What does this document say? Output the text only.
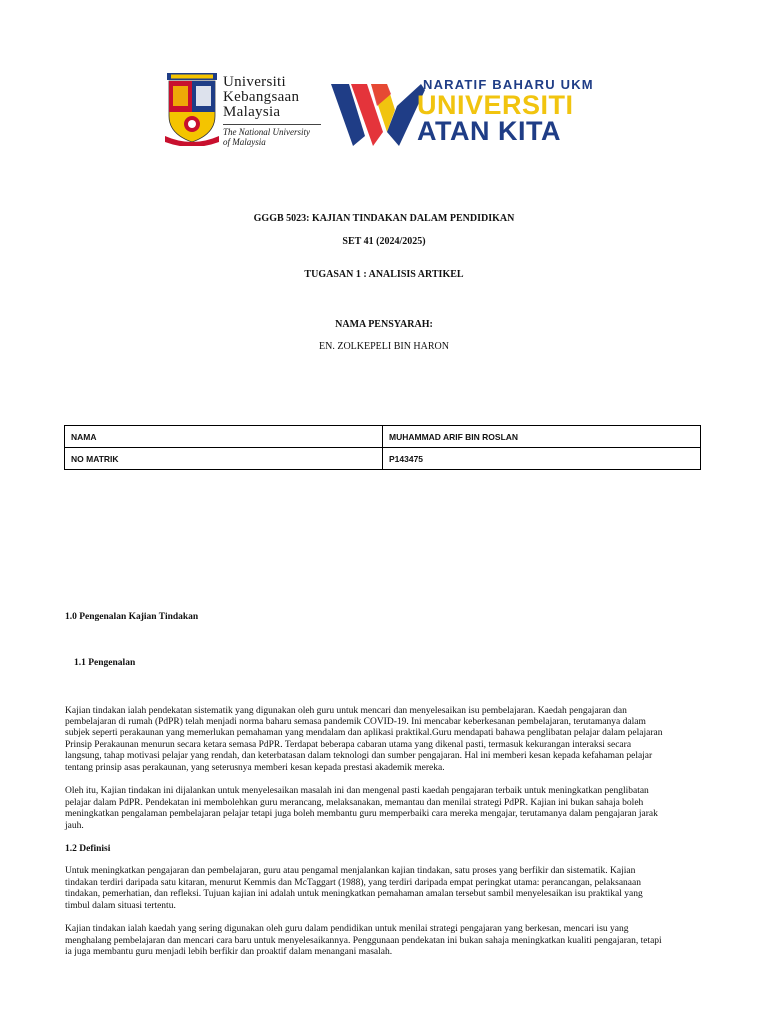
Universiti
Kebangsaan
Malaysia
The National University
of Malaysia
NARATIF BAHARU UKM
UNIVERSITI
ATAN KITA
GGGB 5023: KAJIAN TINDAKAN DALAM PENDIDIKAN
SET 41 (2024/2025)
TUGASAN 1 : ANALISIS ARTIKEL
NAMA PENSYARAH:
EN. ZOLKEPELI BIN HARON
NAMA	MUHAMMAD ARIF BIN ROSLAN
NO MATRIK	P143475
1.0 Pengenalan Kajian Tindakan
1.1 Pengenalan
Kajian tindakan ialah pendekatan sistematik yang digunakan oleh guru untuk mencari dan menyelesaikan isu pembelajaran. Kaedah pengajaran dan
pembelajaran di rumah (PdPR) telah menjadi norma baharu semasa pandemik COVID-19. Ini mencabar keberkesanan pembelajaran, terutamanya dalam
subjek seperti perakaunan yang memerlukan pemahaman yang mendalam dan aplikasi praktikal.Guru mendapati bahawa penglibatan pelajar dalam pelajaran
Prinsip Perakaunan menurun secara ketara semasa PdPR. Terdapat beberapa cabaran utama yang dikenal pasti, termasuk kekurangan interaksi secara
langsung, tahap motivasi pelajar yang rendah, dan keterbatasan dalam teknologi dan sumber pengajaran. Hal ini memberi kesan kepada kefahaman pelajar
tentang prinsip asas perakaunan, yang seterusnya memberi kesan kepada prestasi akademik mereka.
Oleh itu, Kajian tindakan ini dijalankan untuk menyelesaikan masalah ini dan mengenal pasti kaedah pengajaran terbaik untuk meningkatkan penglibatan
pelajar dalam PdPR. Pendekatan ini membolehkan guru merancang, melaksanakan, memantau dan menilai strategi PdPR. Kajian ini bukan sahaja boleh
meningkatkan pengalaman pembelajaran pelajar tetapi juga boleh membantu guru memperbaiki cara mereka mengajar, terutamanya dalam pengajaran jarak
jauh.
1.2 Definisi
Untuk meningkatkan pengajaran dan pembelajaran, guru atau pengamal menjalankan kajian tindakan, satu proses yang berfikir dan sistematik. Kajian
tindakan terdiri daripada satu kitaran, menurut Kemmis dan McTaggart (1988), yang terdiri daripada empat peringkat utama: perancangan, pelaksanaan
tindakan, pemerhatian, dan refleksi. Tujuan kajian ini adalah untuk meningkatkan pemahaman amalan tersebut sambil menyelesaikan isu praktikal yang
timbul dalam situasi tertentu.
Kajian tindakan ialah kaedah yang sering digunakan oleh guru dalam pendidikan untuk menilai strategi pengajaran yang berkesan, mencari isu yang
menghalang pembelajaran dan mencari cara baru untuk menyelesaikannya. Penggunaan pendekatan ini bukan sahaja meningkatkan kualiti pengajaran, tetapi
ia juga membantu guru menjadi lebih berfikir dan proaktif dalam menangani masalah.
